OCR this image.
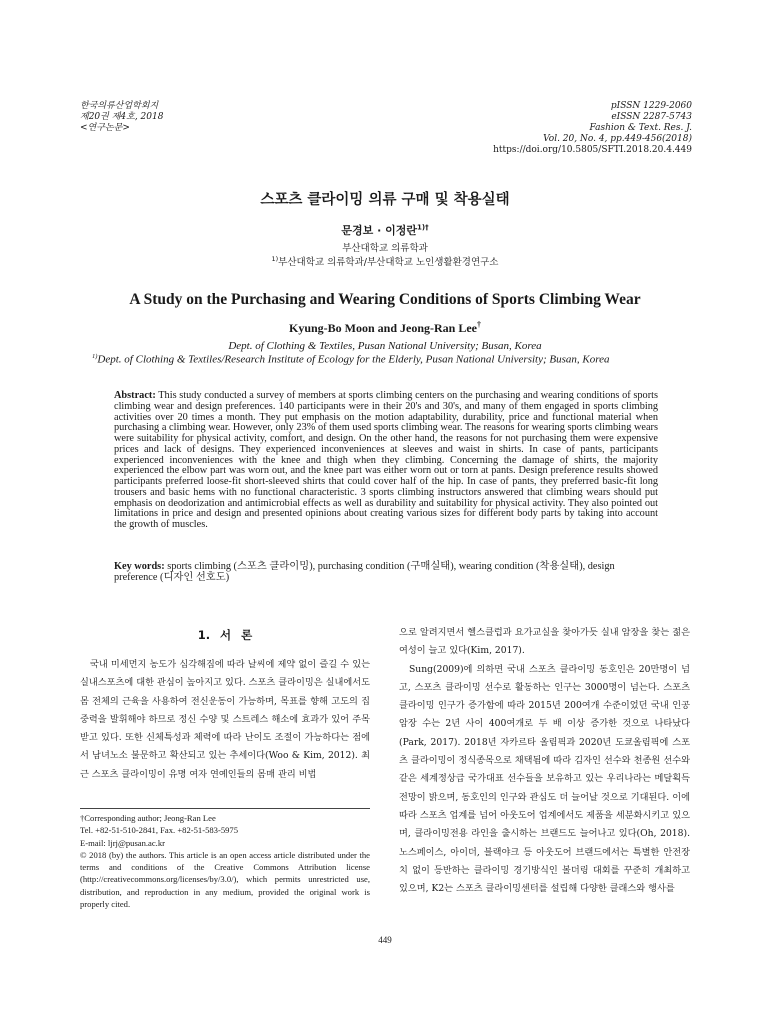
한국의류산업학회지
제20권 제4호, 2018
<연구논문>
pISSN 1229-2060
eISSN 2287-5743
Fashion & Text. Res. J.
Vol. 20, No. 4, pp.449-456(2018)
https://doi.org/10.5805/SFTI.2018.20.4.449
스포츠 클라이밍 의류 구매 및 착용실태
문경보 · 이정란$^{1)\dagger}$
부산대학교 의류학과
$^{1)}$부산대학교 의류학과/부산대학교 노인생활환경연구소
A Study on the Purchasing and Wearing Conditions of Sports Climbing Wear
Kyung-Bo Moon and Jeong-Ran Lee†
Dept. of Clothing & Textiles, Pusan National University; Busan, Korea
$^{1)}$Dept. of Clothing & Textiles/Research Institute of Ecology for the Elderly, Pusan National University; Busan, Korea
Abstract: This study conducted a survey of members at sports climbing centers on the purchasing and wearing conditions of sports climbing wear and design preferences. 140 participants were in their 20's and 30's, and many of them engaged in sports climbing activities over 20 times a month. They put emphasis on the motion adaptability, durability, price and functional material when purchasing a climbing wear. However, only 23% of them used sports climbing wear. The reasons for wearing sports climbing wears were suitability for physical activity, comfort, and design. On the other hand, the reasons for not purchasing them were expensive prices and lack of designs. They experienced inconveniences at sleeves and waist in shirts. In case of pants, participants experienced inconveniences with the knee and thigh when they climbing. Concerning the damage of shirts, the majority experienced the elbow part was worn out, and the knee part was either worn out or torn at pants. Design preference results showed participants preferred loose-fit short-sleeved shirts that could cover half of the hip. In case of pants, they preferred basic-fit long trousers and basic hems with no functional characteristic. 3 sports climbing instructors answered that climbing wears should put emphasis on deodorization and antimicrobial effects as well as durability and suitability for physical activity. They also pointed out limitations in price and design and presented opinions about creating various sizes for different body parts by taking into account the growth of muscles.
Key words: sports climbing (스포츠 클라이밍), purchasing condition (구매실태), wearing condition (착용실태), design preference (디자인 선호도)
1. 서 론

국내 미세먼지 농도가 심각해짐에 따라 날씨에 제약 없이 즐길 수 있는 실내스포츠에 대한 관심이 높아지고 있다. 스포츠 클라이밍은 실내에서도 몸 전체의 근육을 사용하여 전신운동이 가능하며, 목표를 향해 고도의 집중력을 발휘해야 하므로 정신 수양 및 스트레스 해소에 효과가 있어 주목받고 있다. 또한 신체특성과 체력에 따라 난이도 조절이 가능하다는 점에서 남녀노소 불문하고 확산되고 있는 추세이다(Woo & Kim, 2012). 최근 스포츠 클라이밍이 유명 여자 연예인들의 몸매 관리 비법

†Corresponding author; Jeong-Ran Lee

Tel. +82-51-510-2841, Fax. +82-51-583-5975

E-mail: ljrj@pusan.ac.kr

© 2018 (by) the authors. This article is an open access article distributed under the terms and conditions of the Creative Commons Attribution license (http://creativecommons.org/licenses/by/3.0/), which permits unrestricted use, distribution, and reproduction in any medium, provided the original work is properly cited.

으로 알려지면서 헬스클럽과 요가교실을 찾아가듯 실내 암장을 찾는 젊은 여성이 늘고 있다(Kim, 2017).

Sung(2009)에 의하면 국내 스포츠 클라이밍 동호인은 20만명이 넘고, 스포츠 클라이밍 선수로 활동하는 인구는 3000명이 넘는다. 스포츠 클라이밍 인구가 증가함에 따라 2015년 200여개 수준이었던 국내 인공암장 수는 2년 사이 400여개로 두 배 이상 증가한 것으로 나타났다(Park, 2017). 2018년 자카르타 올림픽과 2020년 도쿄올림픽에 스포츠 클라이밍이 정식종목으로 채택됨에 따라 김자인 선수와 천종원 선수와 같은 세계정상급 국가대표 선수들을 보유하고 있는 우리나라는 메달획득 전망이 밝으며, 동호인의 인구와 관심도 더 늘어날 것으로 기대된다. 이에 따라 스포츠 업계를 넘어 아웃도어 업계에서도 제품을 세분화시키고 있으며, 클라이밍전용 라인을 출시하는 브랜드도 늘어나고 있다(Oh, 2018). 노스페이스, 아이더, 블랙야크 등 아웃도어 브랜드에서는 특별한 안전장치 없이 등반하는 클라이밍 경기방식인 볼더링 대회를 꾸준히 개최하고 있으며, K2는 스포츠 클라이밍센터를 설립해 다양한 클래스와 행사를

449
